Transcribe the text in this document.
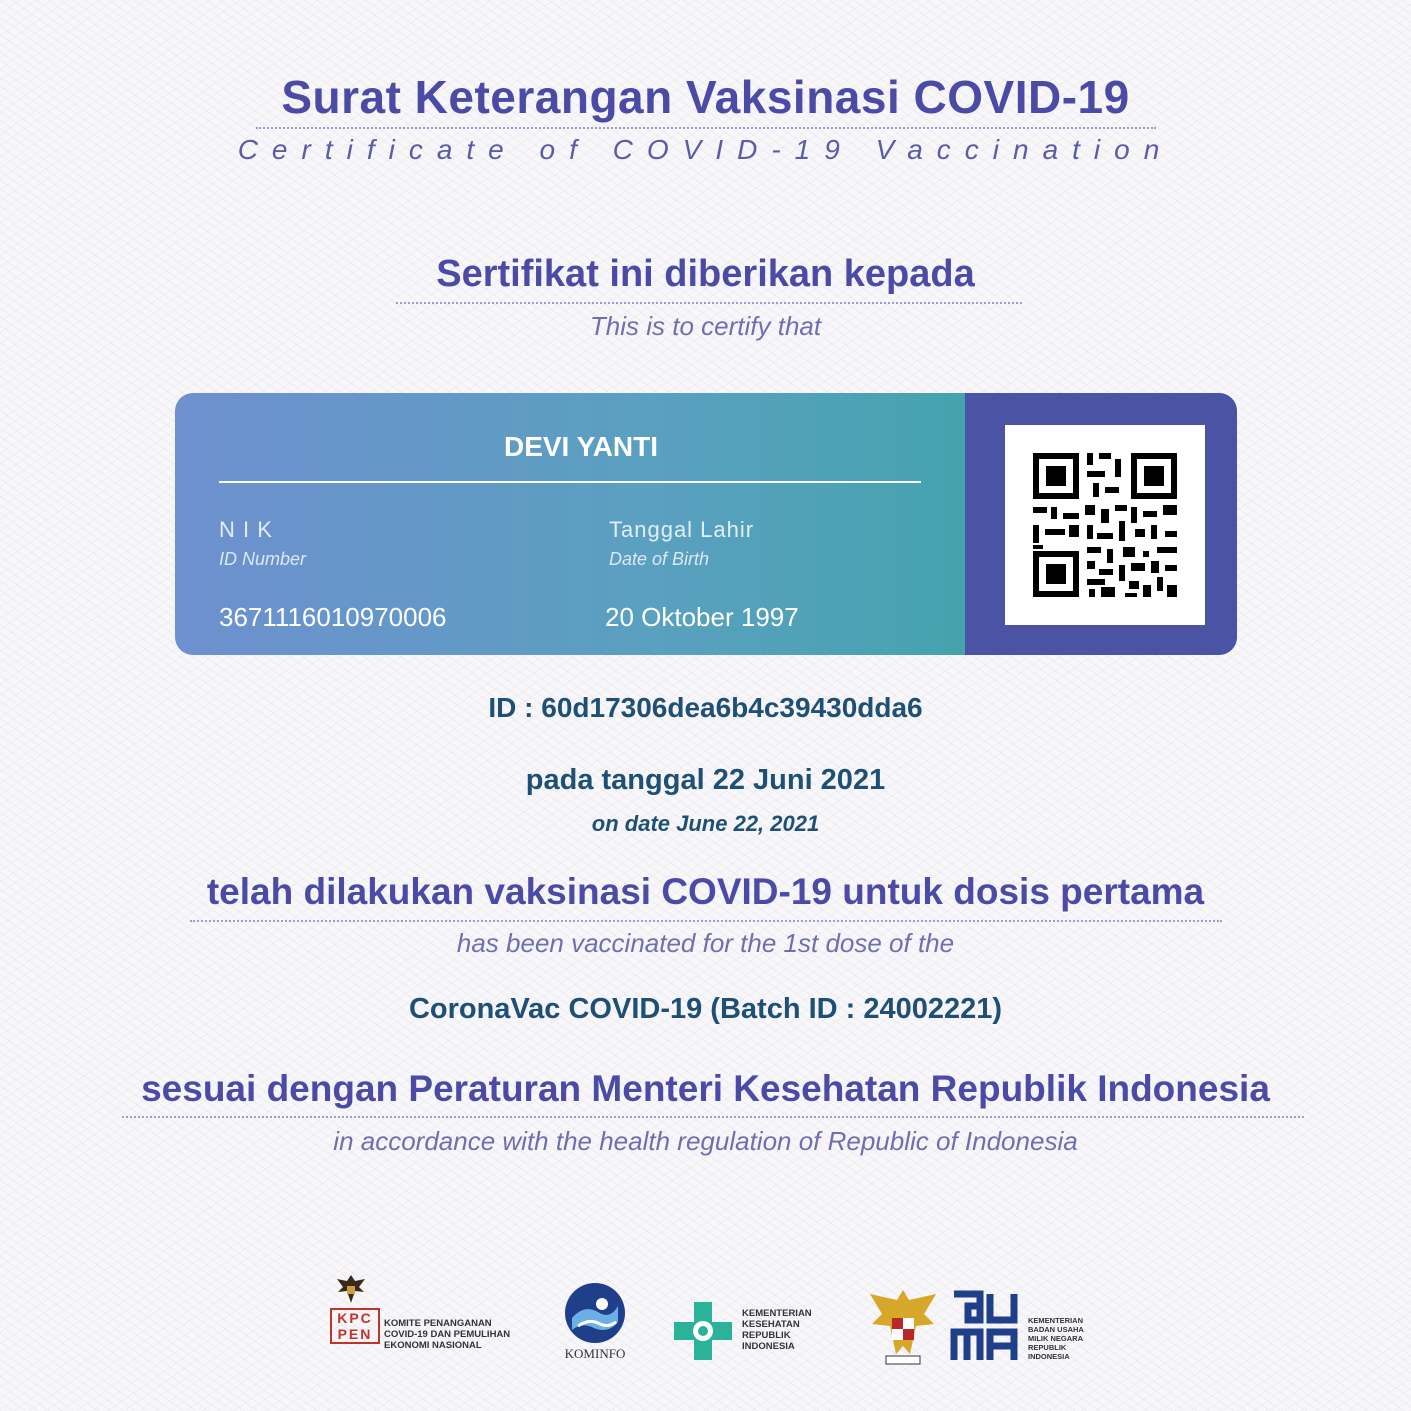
Surat Keterangan Vaksinasi COVID-19
Certificate of COVID-19 Vaccination
Sertifikat ini diberikan kepada
This is to certify that
DEVI YANTI
N I K
ID Number
3671116010970006
Tanggal Lahir
Date of Birth
20 Oktober 1997
ID : 60d17306dea6b4c39430dda6
pada tanggal 22 Juni 2021
on date June 22, 2021
telah dilakukan vaksinasi COVID-19 untuk dosis pertama
has been vaccinated for the 1st dose of the
CoronaVac COVID-19 (Batch ID : 24002221)
sesuai dengan Peraturan Menteri Kesehatan Republik Indonesia
in accordance with the health regulation of Republic of Indonesia
KPC
PEN
KOMITE PENANGANAN
COVID-19 DAN PEMULIHAN
EKONOMI NASIONAL
KOMINFO
KEMENTERIAN
KESEHATAN
REPUBLIK
INDONESIA
KEMENTERIAN
BADAN USAHA
MILIK NEGARA
REPUBLIK
INDONESIA
